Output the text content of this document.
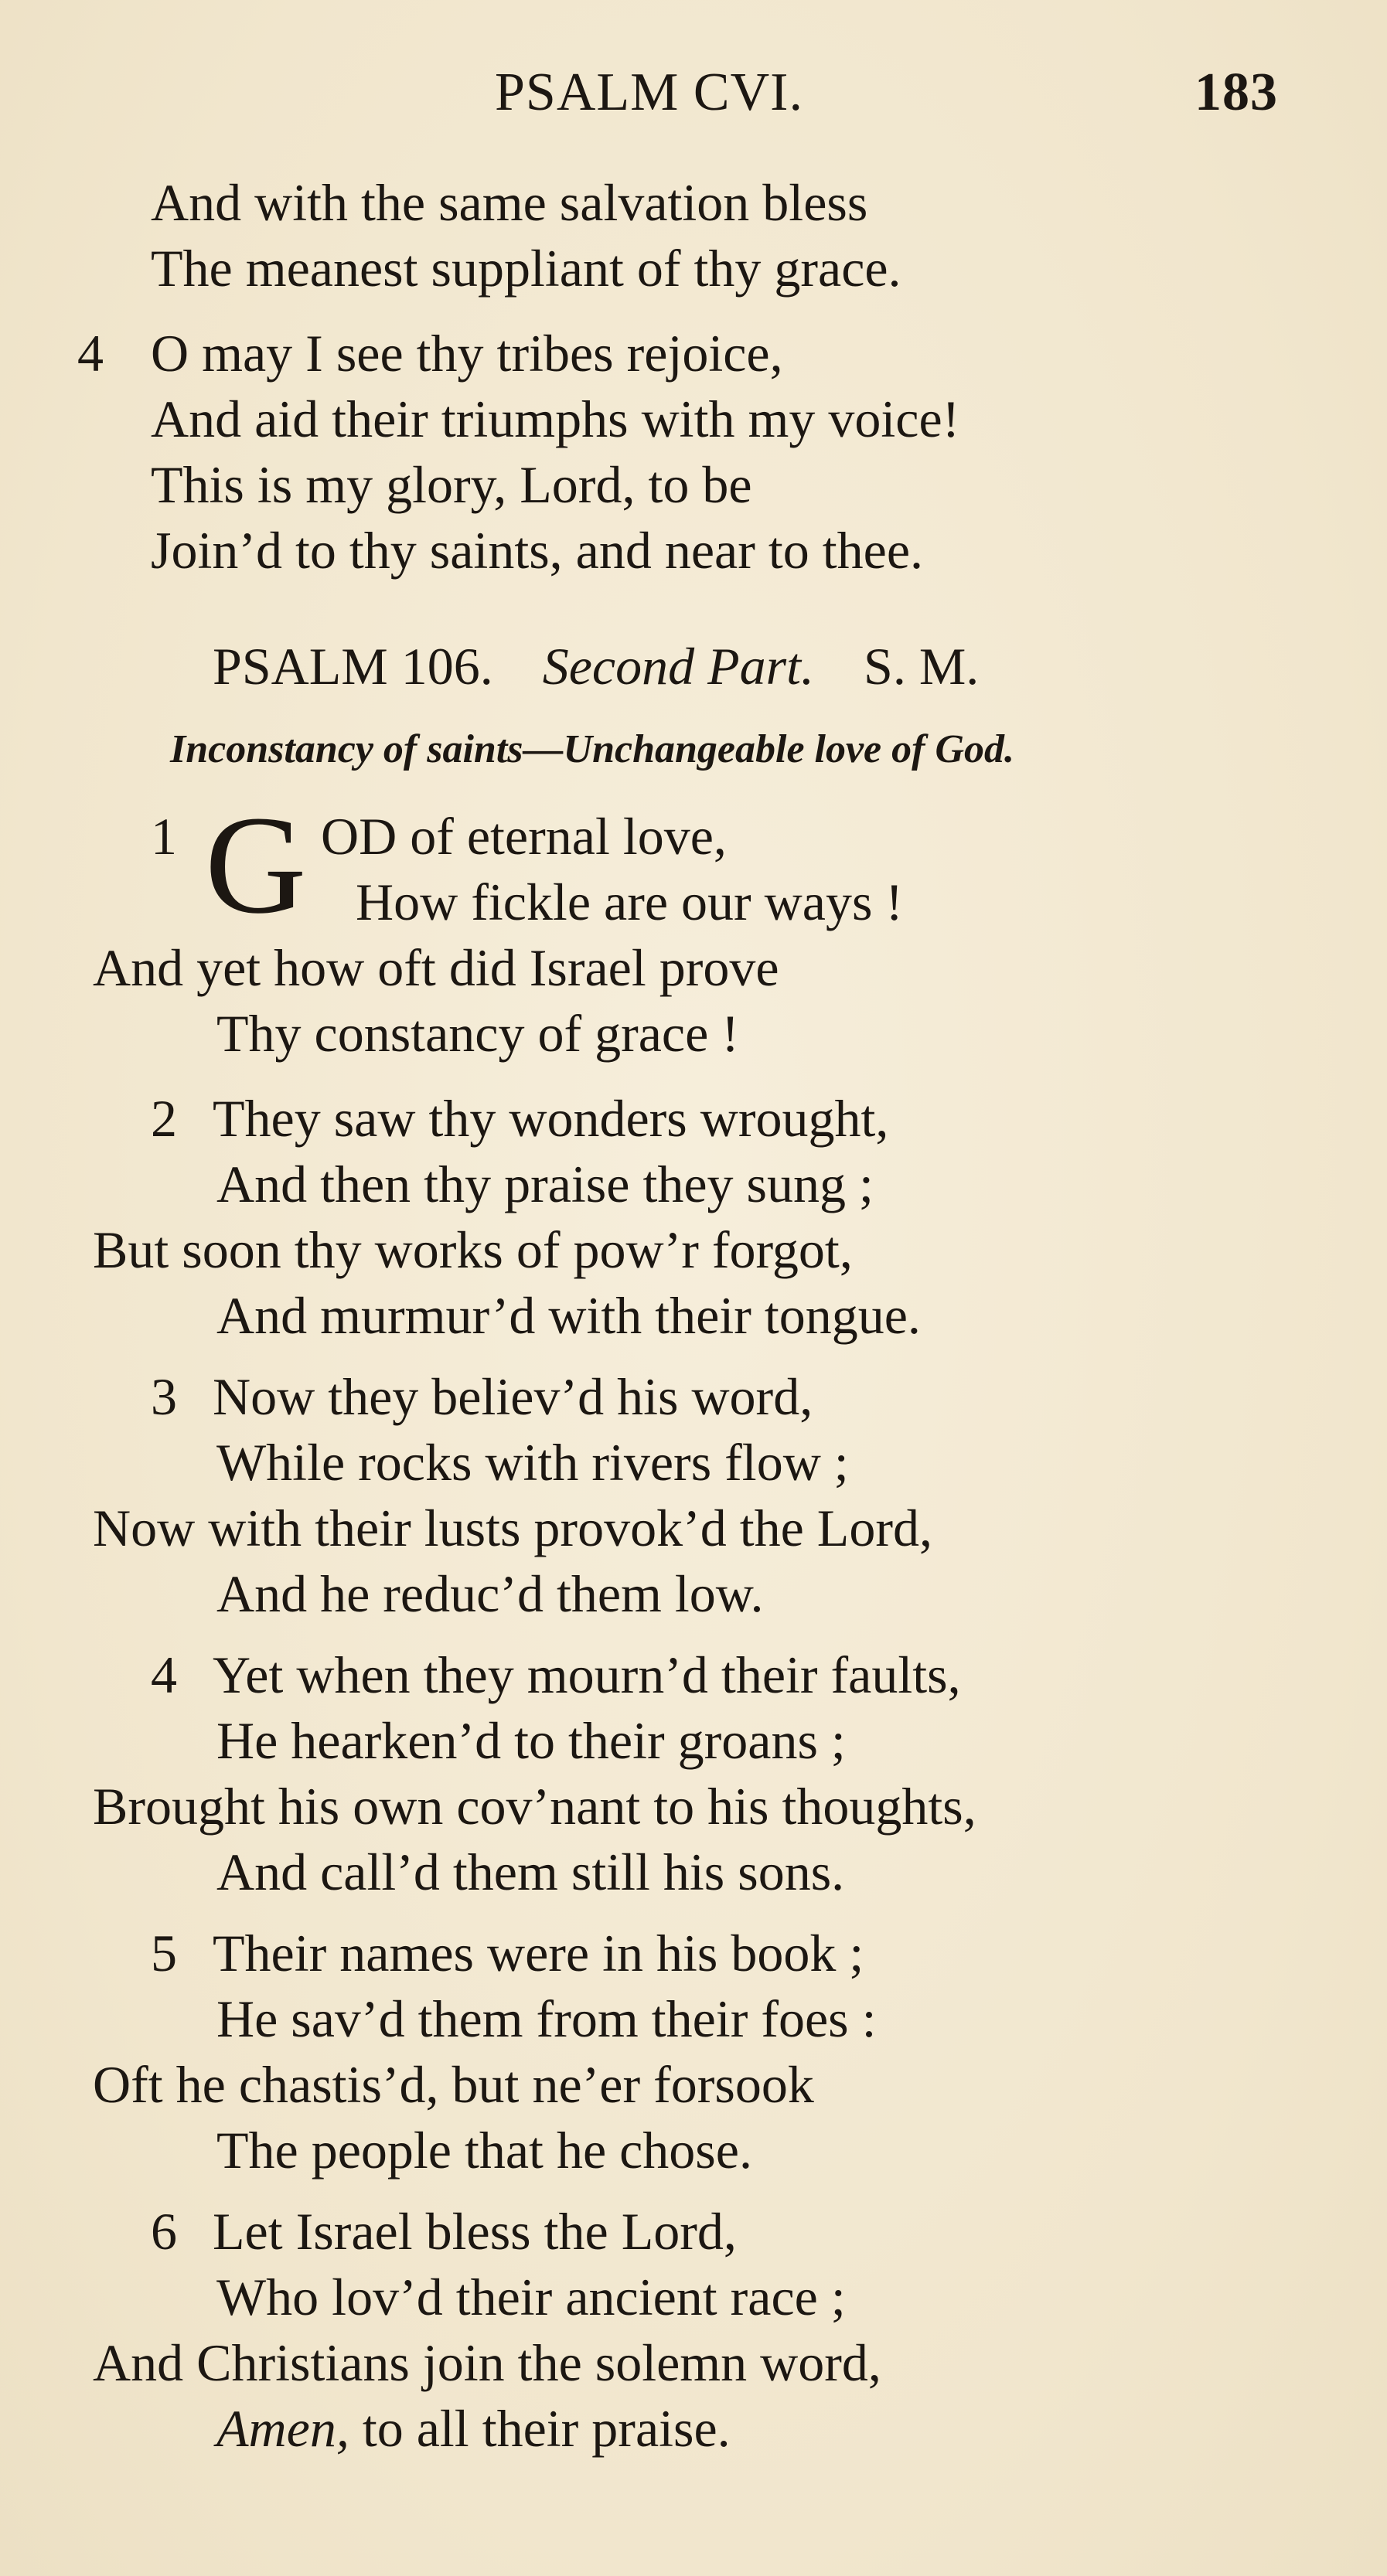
PSALM CVI.	183
And with the same salvation bless
The meanest suppliant of thy grace.
4 O may I see thy tribes rejoice,
And aid their triumphs with my voice!
This is my glory, Lord, to be
Join’d to thy saints, and near to thee.
PSALM 106. Second Part. S. M.
Inconstancy of saints—Unchangeable love of God.
1 G OD of eternal love,
How fickle are our ways !
And yet how oft did Israel prove
Thy constancy of grace !
2 They saw thy wonders wrought,
And then thy praise they sung ;
But soon thy works of pow’r forgot,
And murmur’d with their tongue.
3 Now they believ’d his word,
While rocks with rivers flow ;
Now with their lusts provok’d the Lord,
And he reduc’d them low.
4 Yet when they mourn’d their faults,
He hearken’d to their groans ;
Brought his own cov’nant to his thoughts,
And call’d them still his sons.
5 Their names were in his book ;
He sav’d them from their foes :
Oft he chastis’d, but ne’er forsook
The people that he chose.
6 Let Israel bless the Lord,
Who lov’d their ancient race ;
And Christians join the solemn word,
Amen, to all their praise.
